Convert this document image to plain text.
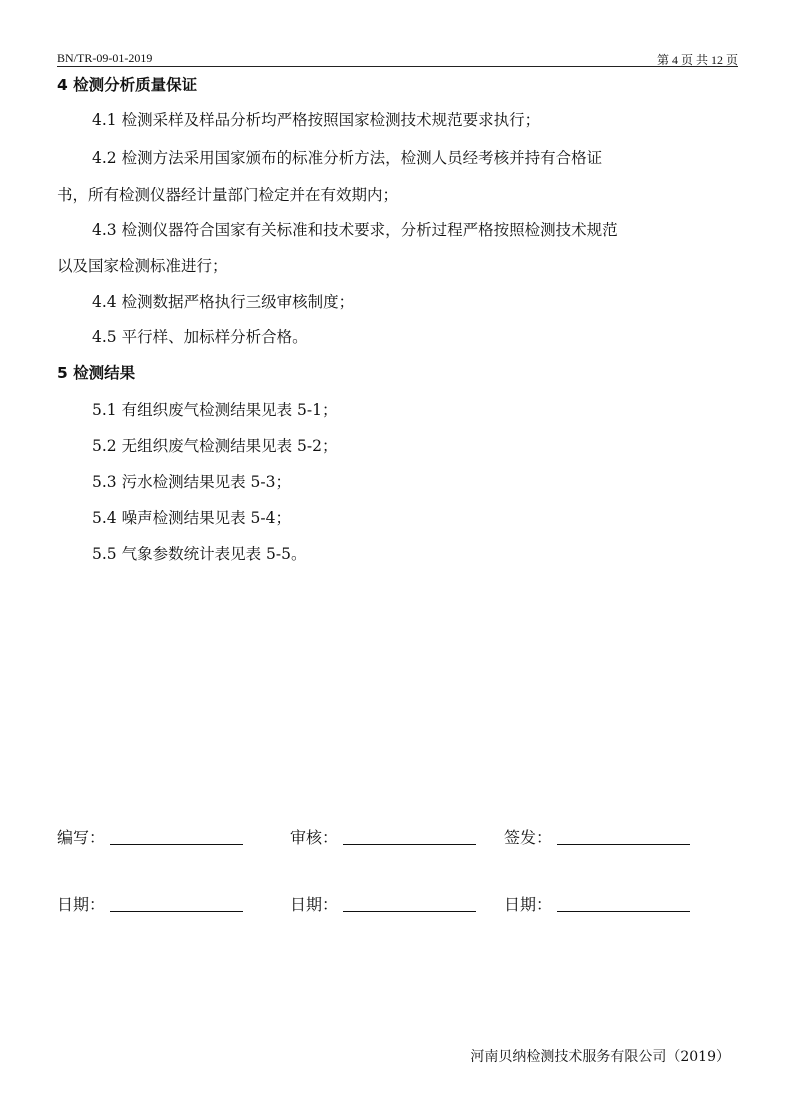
BN/TR-09-01-2019	第 4 页 共 12 页
4 检测分析质量保证
4.1 检测采样及样品分析均严格按照国家检测技术规范要求执行；
4.2 检测方法采用国家颁布的标准分析方法，检测人员经考核并持有合格证
书，所有检测仪器经计量部门检定并在有效期内；
4.3 检测仪器符合国家有关标准和技术要求，分析过程严格按照检测技术规范
以及国家检测标准进行；
4.4 检测数据严格执行三级审核制度；
4.5 平行样、加标样分析合格。
5 检测结果
5.1 有组织废气检测结果见表 5-1；
5.2 无组织废气检测结果见表 5-2；
5.3 污水检测结果见表 5-3；
5.4 噪声检测结果见表 5-4；
5.5 气象参数统计表见表 5-5。
编写：	审核：	签发：
日期：	日期：	日期：
河南贝纳检测技术服务有限公司（2019）
